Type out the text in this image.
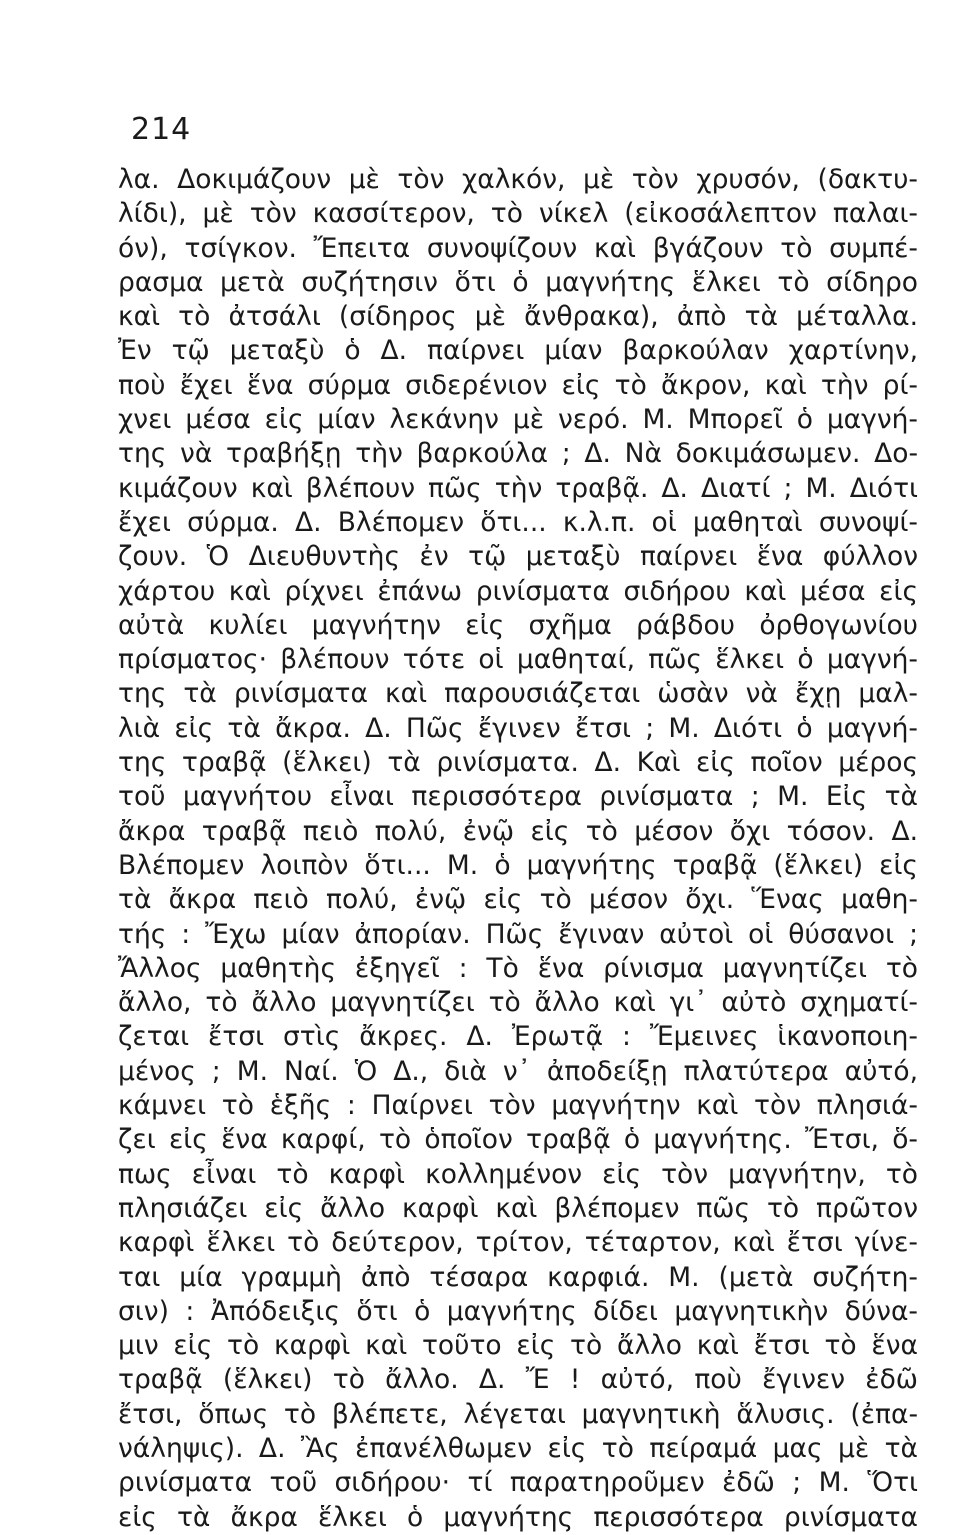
214
λα. Δοκιμάζουν μὲ τὸν χαλκόν, μὲ τὸν χρυσόν, (δακτυ-
λίδι), μὲ τὸν κασσίτερον, τὸ νίκελ (εἰκοσάλεπτον παλαι-
όν), τσίγκον. Ἔπειτα συνοψίζουν καὶ βγάζουν τὸ συμπέ-
ρασμα μετὰ συζήτησιν ὅτι ὁ μαγνήτης ἕλκει τὸ σίδηρο
καὶ τὸ ἀτσάλι (σίδηρος μὲ ἄνθρακα), ἀπὸ τὰ μέταλλα.
Ἐν τῷ μεταξὺ ὁ Δ. παίρνει μίαν βαρκούλαν χαρτίνην,
ποὺ ἔχει ἕνα σύρμα σιδερένιον εἰς τὸ ἄκρον, καὶ τὴν ρί-
χνει μέσα εἰς μίαν λεκάνην μὲ νερό. Μ. Μπορεῖ ὁ μαγνή-
της νὰ τραβήξῃ τὴν βαρκούλα ; Δ. Νὰ δοκιμάσωμεν. Δο-
κιμάζουν καὶ βλέπουν πῶς τὴν τραβᾷ. Δ. Διατί ; Μ. Διότι
ἔχει σύρμα. Δ. Βλέπομεν ὅτι... κ.λ.π. οἱ μαθηταὶ συνοψί-
ζουν. Ὁ Διευθυντὴς ἐν τῷ μεταξὺ παίρνει ἕνα φύλλον
χάρτου καὶ ρίχνει ἐπάνω ρινίσματα σιδήρου καὶ μέσα εἰς
αὐτὰ κυλίει μαγνήτην εἰς σχῆμα ράβδου ὀρθογωνίου
πρίσματος· βλέπουν τότε οἱ μαθηταί, πῶς ἕλκει ὁ μαγνή-
της τὰ ρινίσματα καὶ παρουσιάζεται ὡσὰν νὰ ἔχῃ μαλ-
λιὰ εἰς τὰ ἄκρα. Δ. Πῶς ἔγινεν ἔτσι ; Μ. Διότι ὁ μαγνή-
της τραβᾷ (ἕλκει) τὰ ρινίσματα. Δ. Καὶ εἰς ποῖον μέρος
τοῦ μαγνήτου εἶναι περισσότερα ρινίσματα ; Μ. Εἰς τὰ
ἄκρα τραβᾷ πειὸ πολύ, ἐνῷ εἰς τὸ μέσον ὄχι τόσον. Δ.
Βλέπομεν λοιπὸν ὅτι... Μ. ὁ μαγνήτης τραβᾷ (ἕλκει) εἰς
τὰ ἄκρα πειὸ πολύ, ἐνῷ εἰς τὸ μέσον ὄχι. Ἕνας μαθη-
τής : Ἔχω μίαν ἀπορίαν. Πῶς ἔγιναν αὐτοὶ οἱ θύσανοι ;
Ἄλλος μαθητὴς ἐξηγεῖ : Τὸ ἕνα ρίνισμα μαγνητίζει τὸ
ἄλλο, τὸ ἄλλο μαγνητίζει τὸ ἄλλο καὶ γι᾽ αὐτὸ σχηματί-
ζεται ἔτσι στὶς ἄκρες. Δ. Ἐρωτᾷ : Ἔμεινες ἱκανοποιη-
μένος ; Μ. Ναί. Ὁ Δ., διὰ ν᾽ ἀποδείξῃ πλατύτερα αὐτό,
κάμνει τὸ ἑξῆς : Παίρνει τὸν μαγνήτην καὶ τὸν πλησιά-
ζει εἰς ἕνα καρφί, τὸ ὁποῖον τραβᾷ ὁ μαγνήτης. Ἔτσι, ὅ-
πως εἶναι τὸ καρφὶ κολλημένον εἰς τὸν μαγνήτην, τὸ
πλησιάζει εἰς ἄλλο καρφὶ καὶ βλέπομεν πῶς τὸ πρῶτον
καρφὶ ἕλκει τὸ δεύτερον, τρίτον, τέταρτον, καὶ ἔτσι γίνε-
ται μία γραμμὴ ἀπὸ τέσαρα καρφιά. Μ. (μετὰ συζήτη-
σιν) : Ἀπόδειξις ὅτι ὁ μαγνήτης δίδει μαγνητικὴν δύνα-
μιν εἰς τὸ καρφὶ καὶ τοῦτο εἰς τὸ ἄλλο καὶ ἔτσι τὸ ἕνα
τραβᾷ (ἕλκει) τὸ ἄλλο. Δ. Ἔ ! αὐτό, ποὺ ἔγινεν ἐδῶ
ἔτσι, ὅπως τὸ βλέπετε, λέγεται μαγνητικὴ ἅλυσις. (ἐπα-
νάληψις). Δ. Ἂς ἐπανέλθωμεν εἰς τὸ πείραμά μας μὲ τὰ
ρινίσματα τοῦ σιδήρου· τί παρατηροῦμεν ἐδῶ ; Μ. Ὅτι
εἰς τὰ ἄκρα ἕλκει ὁ μαγνήτης περισσότερα ρινίσματα
